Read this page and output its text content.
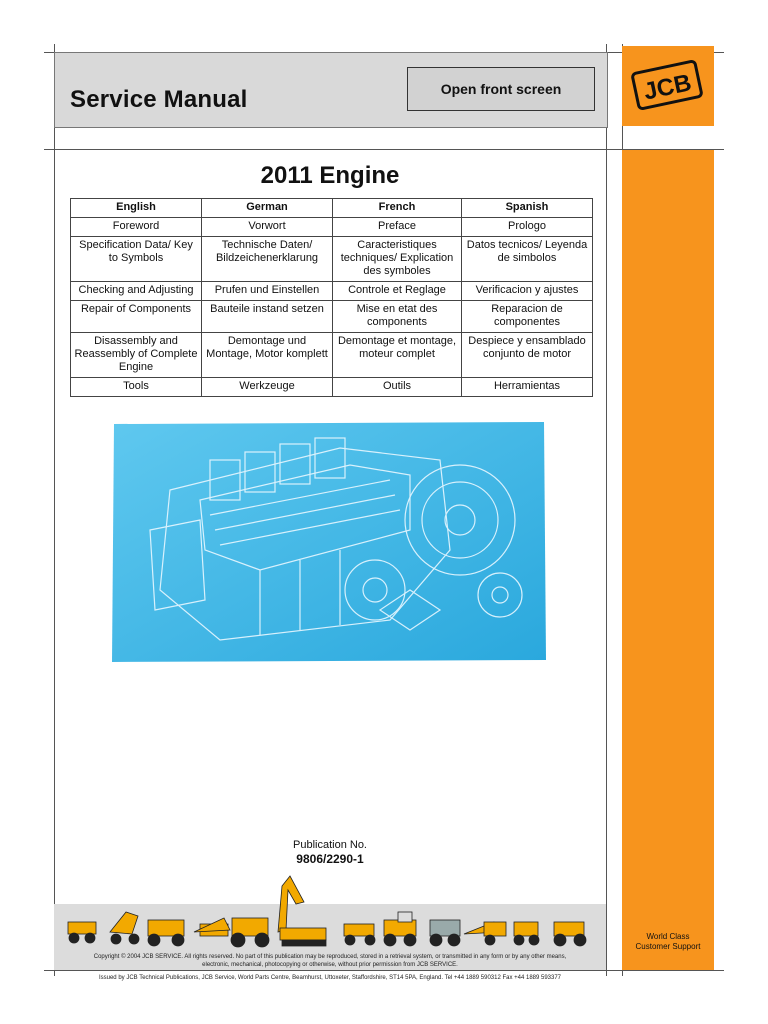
Service Manual	Open front screen	JCB
World Class
Customer Support
2011 Engine
English	German	French	Spanish
Foreword	Vorwort	Preface	Prologo
Specification Data/ Key to Symbols	Technische Daten/ Bildzeichenerklarung	Caracteristiques techniques/ Explication des symboles	Datos tecnicos/ Leyenda de simbolos
Checking and Adjusting	Prufen und Einstellen	Controle et Reglage	Verificacion y ajustes
Repair of Components	Bauteile instand setzen	Mise en etat des components	Reparacion de componentes
Disassembly and Reassembly of Complete Engine	Demontage und Montage, Motor komplett	Demontage et montage, moteur complet	Despiece y ensamblado conjunto de motor
Tools	Werkzeuge	Outils	Herramientas
Publication No.
9806/2290-1
Copyright © 2004 JCB SERVICE. All rights reserved. No part of this publication may be reproduced, stored in a retrieval system, or transmitted in any form or by any other means,
electronic, mechanical, photocopying or otherwise, without prior permission from JCB SERVICE.
Issued by JCB Technical Publications, JCB Service, World Parts Centre, Beamhurst, Uttoxeter, Staffordshire, ST14 5PA, England. Tel +44 1889 590312 Fax +44 1889 593377
